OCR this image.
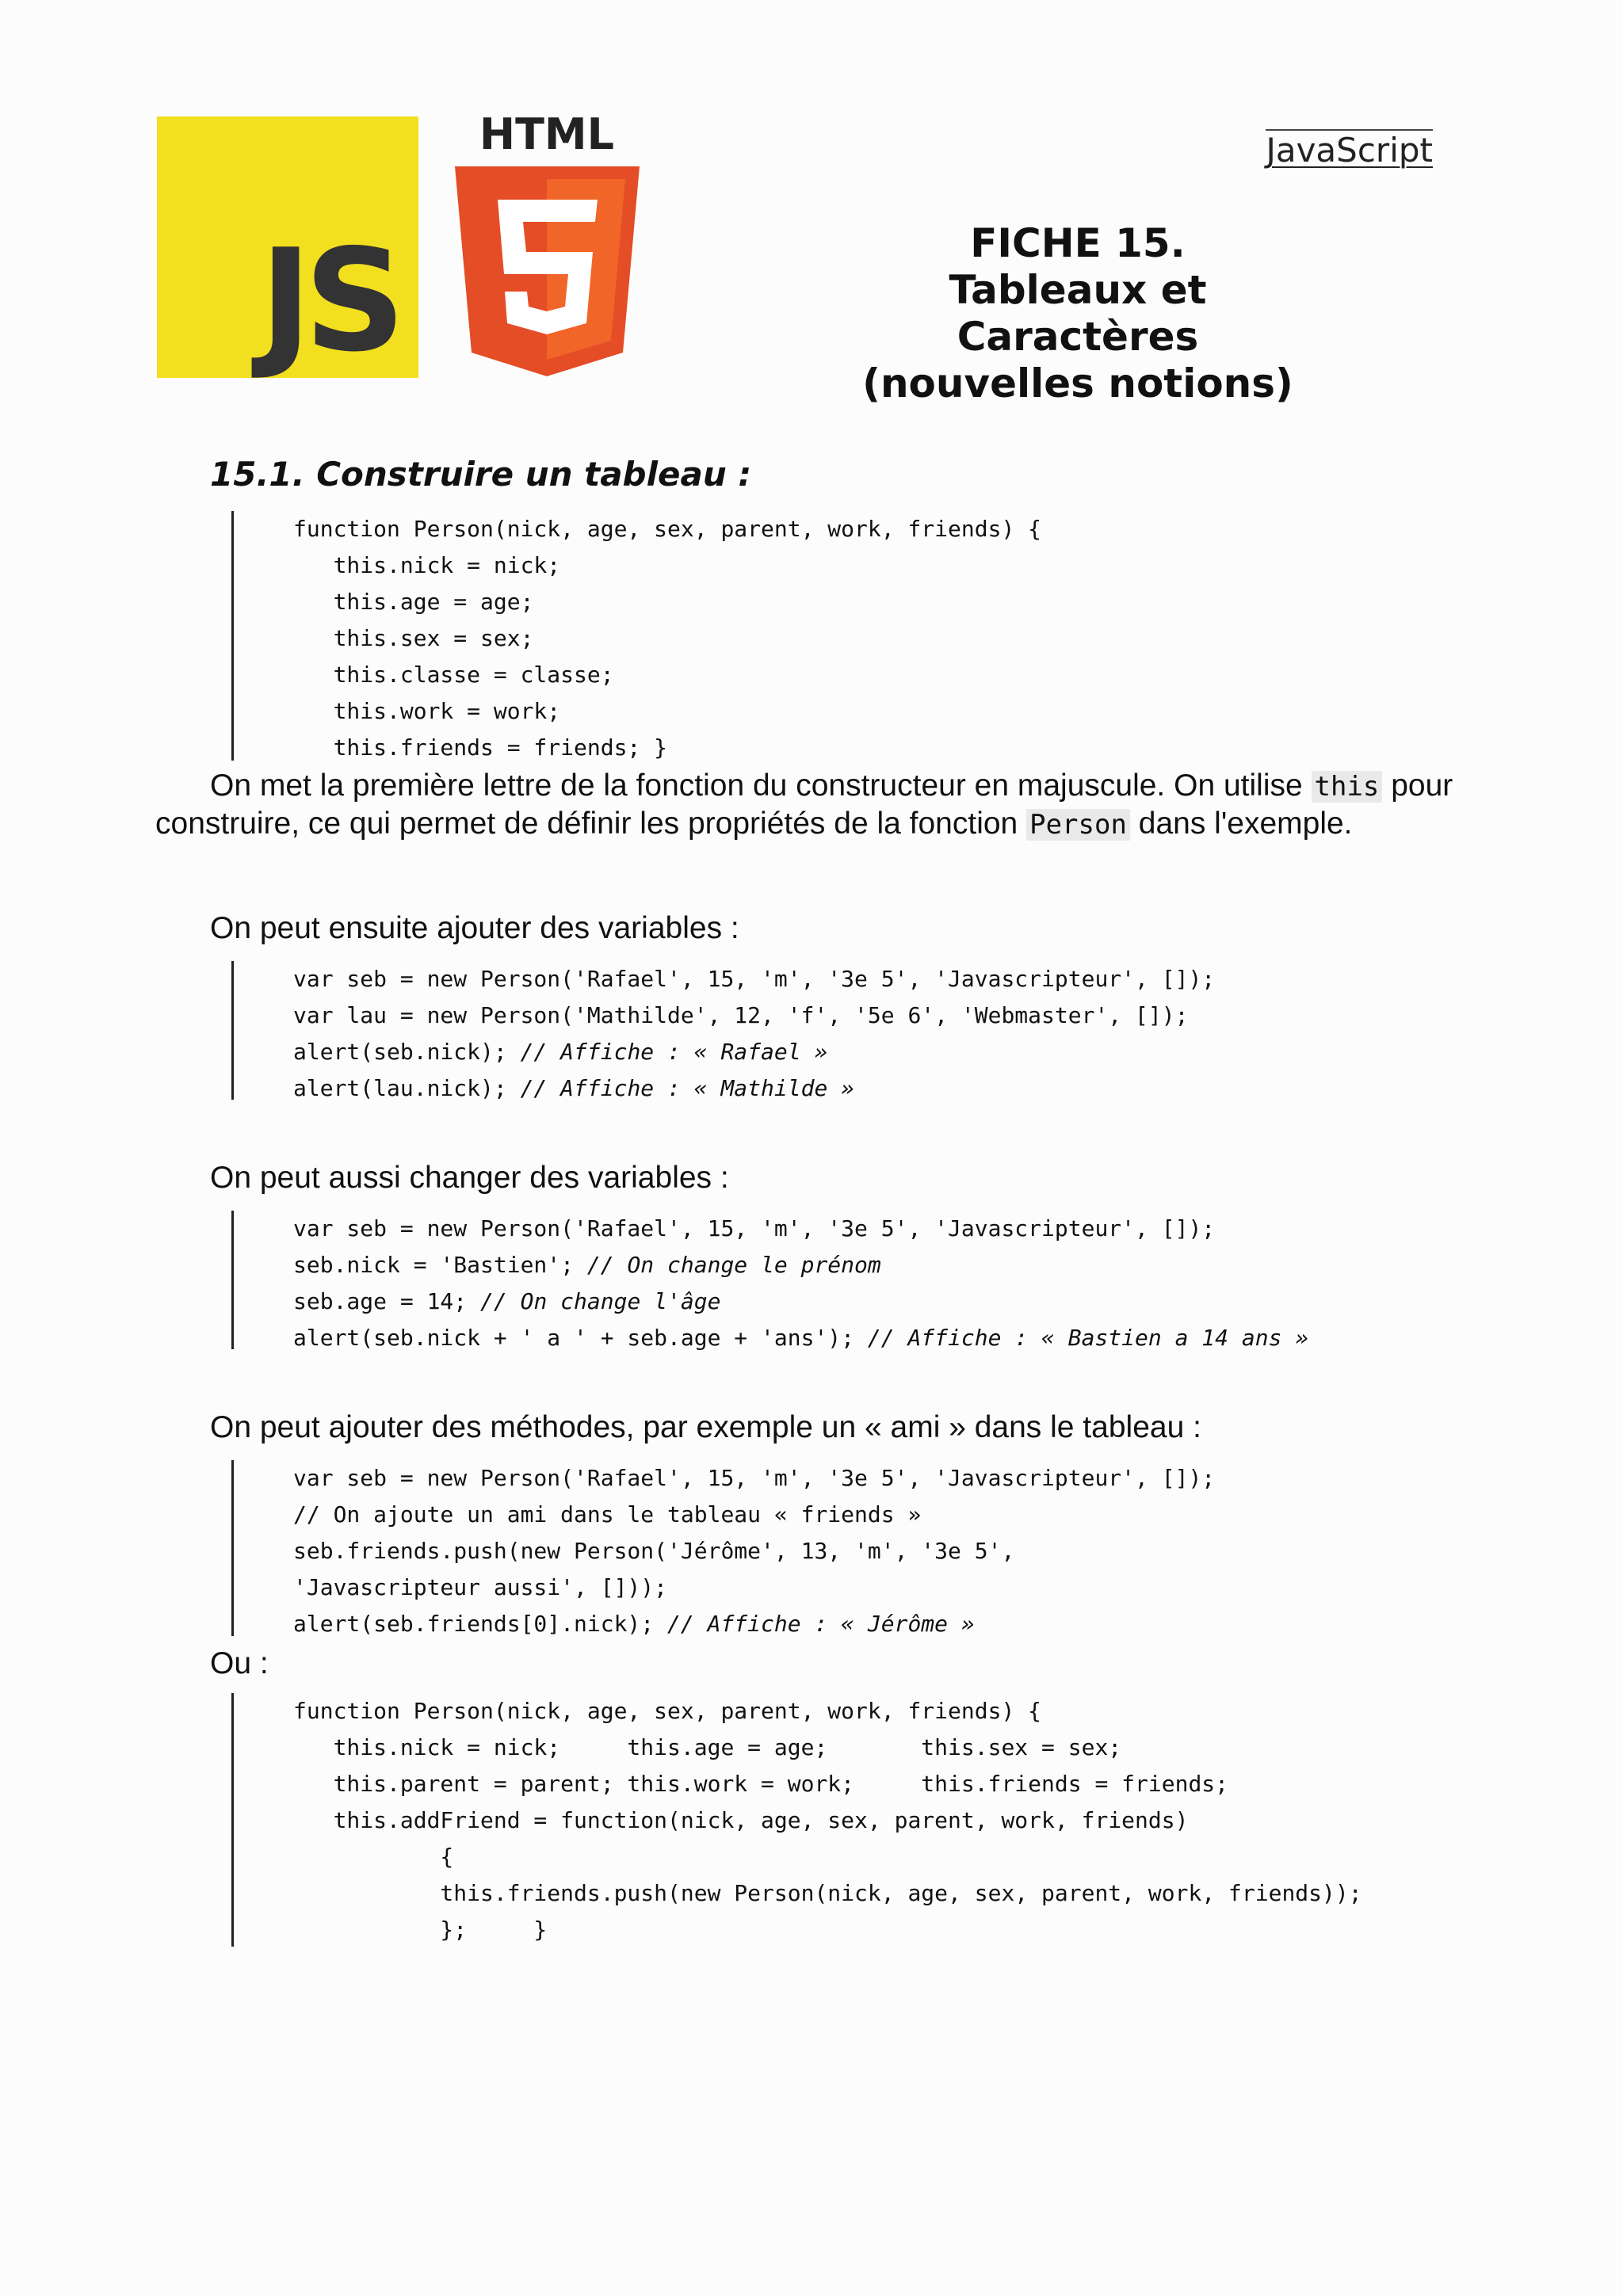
JS
HTML	JavaScript
FICHE 15.
Tableaux et Caractères
(nouvelles notions)
15.1. Construire un tableau :
function Person(nick, age, sex, parent, work, friends) {
this.nick = nick;
this.age = age;
this.sex = sex;
this.classe = classe;
this.work = work;
this.friends = friends; }
On met la première lettre de la fonction du constructeur en majuscule. On utilise this pour
construire, ce qui permet de définir les propriétés de la fonction Person dans l'exemple.
On peut ensuite ajouter des variables :
var seb = new Person('Rafael', 15, 'm', '3e 5', 'Javascripteur', []);
var lau = new Person('Mathilde', 12, 'f', '5e 6', 'Webmaster', []);
alert(seb.nick); // Affiche : « Rafael »
alert(lau.nick); // Affiche : « Mathilde »
On peut aussi changer des variables :
var seb = new Person('Rafael', 15, 'm', '3e 5', 'Javascripteur', []);
seb.nick = 'Bastien'; // On change le prénom
seb.age = 14; // On change l'âge
alert(seb.nick + ' a ' + seb.age + 'ans'); // Affiche : « Bastien a 14 ans »
On peut ajouter des méthodes, par exemple un « ami » dans le tableau :
var seb = new Person('Rafael', 15, 'm', '3e 5', 'Javascripteur', []);
// On ajoute un ami dans le tableau « friends »
seb.friends.push(new Person('Jérôme', 13, 'm', '3e 5',
'Javascripteur aussi', []));
alert(seb.friends[0].nick); // Affiche : « Jérôme »
Ou :
function Person(nick, age, sex, parent, work, friends) {
this.nick = nick;     this.age = age;       this.sex = sex;
this.parent = parent; this.work = work;     this.friends = friends;
this.addFriend = function(nick, age, sex, parent, work, friends)
{
this.friends.push(new Person(nick, age, sex, parent, work, friends));
};     }
